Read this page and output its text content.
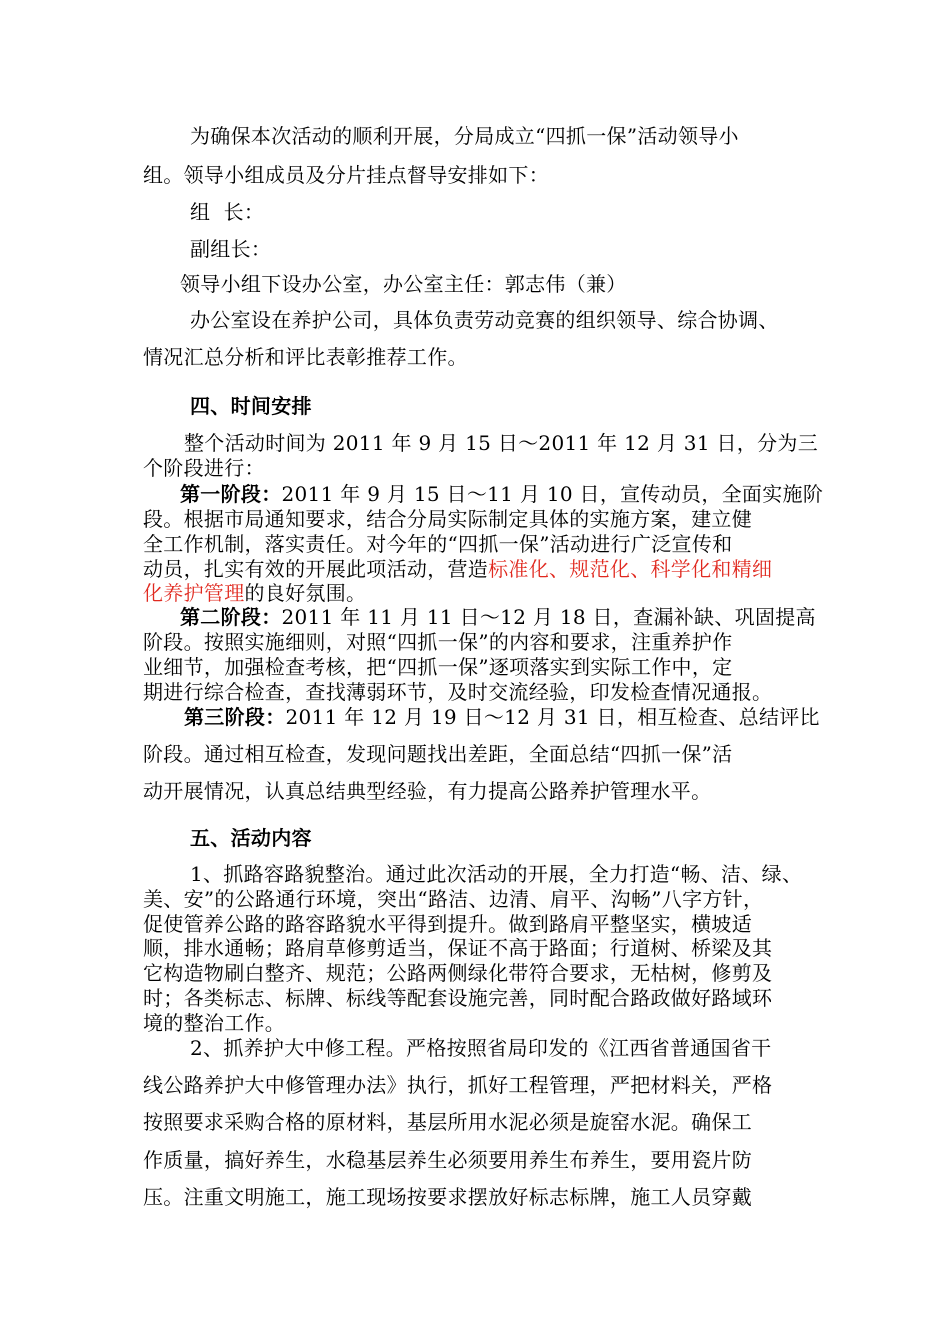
为确保本次活动的顺利开展，分局成立“四抓一保”活动领导小
组。领导小组成员及分片挂点督导安排如下：
组  长：
副组长：
领导小组下设办公室，办公室主任：郭志伟（兼）
办公室设在养护公司，具体负责劳动竞赛的组织领导、综合协调、
情况汇总分析和评比表彰推荐工作。
四、时间安排
整个活动时间为 2011 年 9 月 15 日～2011 年 12 月 31 日，分为三
个阶段进行：
第一阶段：2011 年 9 月 15 日～11 月 10 日，宣传动员，全面实施阶
段。根据市局通知要求，结合分局实际制定具体的实施方案，建立健
全工作机制，落实责任。对今年的“四抓一保”活动进行广泛宣传和
动员，扎实有效的开展此项活动，营造标准化、规范化、科学化和精细
化养护管理的良好氛围。
第二阶段：2011 年 11 月 11 日～12 月 18 日，查漏补缺、巩固提高
阶段。按照实施细则，对照“四抓一保”的内容和要求，注重养护作
业细节，加强检查考核，把“四抓一保”逐项落实到实际工作中，定
期进行综合检查，查找薄弱环节，及时交流经验，印发检查情况通报。
第三阶段：2011 年 12 月 19 日～12 月 31 日，相互检查、总结评比
阶段。通过相互检查，发现问题找出差距，全面总结“四抓一保”活
动开展情况，认真总结典型经验，有力提高公路养护管理水平。
五、活动内容
1、抓路容路貌整治。通过此次活动的开展，全力打造“畅、洁、绿、
美、安”的公路通行环境，突出“路洁、边清、肩平、沟畅”八字方针，
促使管养公路的路容路貌水平得到提升。做到路肩平整坚实，横坡适
顺，排水通畅；路肩草修剪适当，保证不高于路面；行道树、桥梁及其
它构造物刷白整齐、规范；公路两侧绿化带符合要求，无枯树，修剪及
时；各类标志、标牌、标线等配套设施完善，同时配合路政做好路域环
境的整治工作。
2、抓养护大中修工程。严格按照省局印发的《江西省普通国省干
线公路养护大中修管理办法》执行，抓好工程管理，严把材料关，严格
按照要求采购合格的原材料，基层所用水泥必须是旋窑水泥。确保工
作质量，搞好养生，水稳基层养生必须要用养生布养生，要用瓷片防
压。注重文明施工，施工现场按要求摆放好标志标牌，施工人员穿戴
